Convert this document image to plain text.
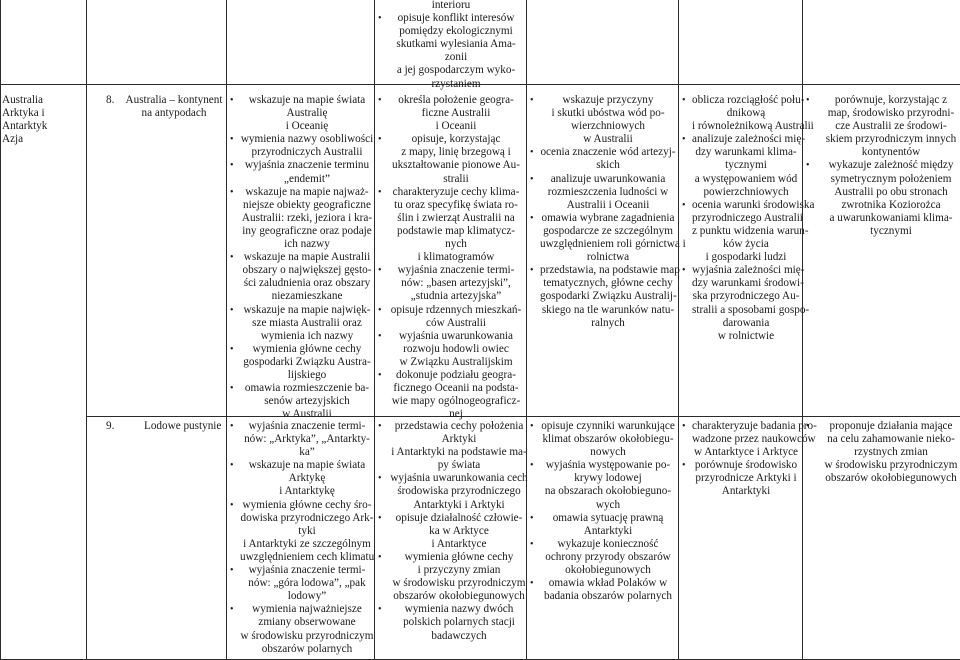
interioru
• opisuje konflikt interesów
pomiędzy ekologicznymi
skutkami wylesiania Ama-
zonii
a jej gospodarczym wyko-
rzystaniem
Australia
Arktyka i
Antarktyk
Azja
8. Australia – kontynent
na antypodach
• wskazuje na mapie świata
Australię
i Oceanię
• wymienia nazwy osobliwości
przyrodniczych Australii
• wyjaśnia znaczenie terminu
„endemit”
• wskazuje na mapie najważ-
niejsze obiekty geograficzne
Australii: rzeki, jeziora i kra-
iny geograficzne oraz podaje
ich nazwy
• wskazuje na mapie Australii
obszary o największej gęsto-
ści zaludnienia oraz obszary
niezamieszkane
• wskazuje na mapie najwięk-
sze miasta Australii oraz
wymienia ich nazwy
• wymienia główne cechy
gospodarki Związku Austra-
lijskiego
• omawia rozmieszczenie ba-
senów artezyjskich
w Australii
• określa położenie geogra-
ficzne Australii
i Oceanii
• opisuje, korzystając
z mapy, linię brzegową i
ukształtowanie pionowe Au-
stralii
• charakteryzuje cechy klima-
tu oraz specyfikę świata ro-
ślin i zwierząt Australii na
podstawie map klimatycz-
nych
i klimatogramów
• wyjaśnia znaczenie termi-
nów: „basen artezyjski”,
„studnia artezyjska”
• opisuje rdzennych mieszkań-
ców Australii
• wyjaśnia uwarunkowania
rozwoju hodowli owiec
w Związku Australijskim
• dokonuje podziału geogra-
ficznego Oceanii na podsta-
wie mapy ogólnogeograficz-
nej
• wskazuje przyczyny
i skutki ubóstwa wód po-
wierzchniowych
w Australii
• ocenia znaczenie wód artezyj-
skich
• analizuje uwarunkowania
rozmieszczenia ludności w
Australii i Oceanii
• omawia wybrane zagadnienia
gospodarcze ze szczególnym
uwzględnieniem roli górnictwa i
rolnictwa
• przedstawia, na podstawie map
tematycznych, główne cechy
gospodarki Związku Australij-
skiego na tle warunków natu-
ralnych
• oblicza rozciągłość połu-
dnikową
i równoleżnikową Australii
• analizuje zależności mię-
dzy warunkami klima-
tycznymi
a występowaniem wód
powierzchniowych
• ocenia warunki środowiska
przyrodniczego Australii
z punktu widzenia warun-
ków życia
i gospodarki ludzi
• wyjaśnia zależności mię-
dzy warunkami środowi-
ska przyrodniczego Au-
stralii a sposobami gospo-
darowania
w rolnictwie
• porównuje, korzystając z
map, środowisko przyrodni-
cze Australii ze środowi-
skiem przyrodniczym innych
kontynentów
• wykazuje zależność między
symetrycznym położeniem
Australii po obu stronach
zwrotnika Koziorożca
a uwarunkowaniami klima-
tycznymi
9.	Lodowe pustynie
•	wyjaśnia znaczenie termi-
nów: „Arktyka”, „Antarkty-
ka”
• wskazuje na mapie świata
Arktykę
i Antarktykę
• wymienia główne cechy śro-
dowiska przyrodniczego Ark-
tyki
i Antarktyki ze szczególnym
uwzględnieniem cech klimatu
• wyjaśnia znaczenie termi-
nów: „góra lodowa”, „pak
lodowy”
• wymienia najważniejsze
zmiany obserwowane
w środowisku przyrodniczym
obszarów polarnych
• przedstawia cechy położenia
Arktyki
i Antarktyki na podstawie ma-
py świata
• wyjaśnia uwarunkowania cech
środowiska przyrodniczego
Antarktyki i Arktyki
• opisuje działalność człowie-
ka w Arktyce
i Antarktyce
• wymienia główne cechy
i przyczyny zmian
w środowisku przyrodniczym
obszarów okołobiegunowych
• wymienia nazwy dwóch
polskich polarnych stacji
badawczych
• opisuje czynniki warunkujące
klimat obszarów okołobiegu-
nowych
• wyjaśnia występowanie po-
krywy lodowej
na obszarach okołobieguno-
wych
• omawia sytuację prawną
Antarktyki
• wykazuje konieczność
ochrony przyrody obszarów
okołobiegunowych
• omawia wkład Polaków w
badania obszarów polarnych
• charakteryzuje badania pro-
wadzone przez naukowców
w Antarktyce i Arktyce
• porównuje środowisko
przyrodnicze Arktyki i
Antarktyki
• proponuje działania mające
na celu zahamowanie nieko-
rzystnych zmian
w środowisku przyrodniczym
obszarów okołobiegunowych
